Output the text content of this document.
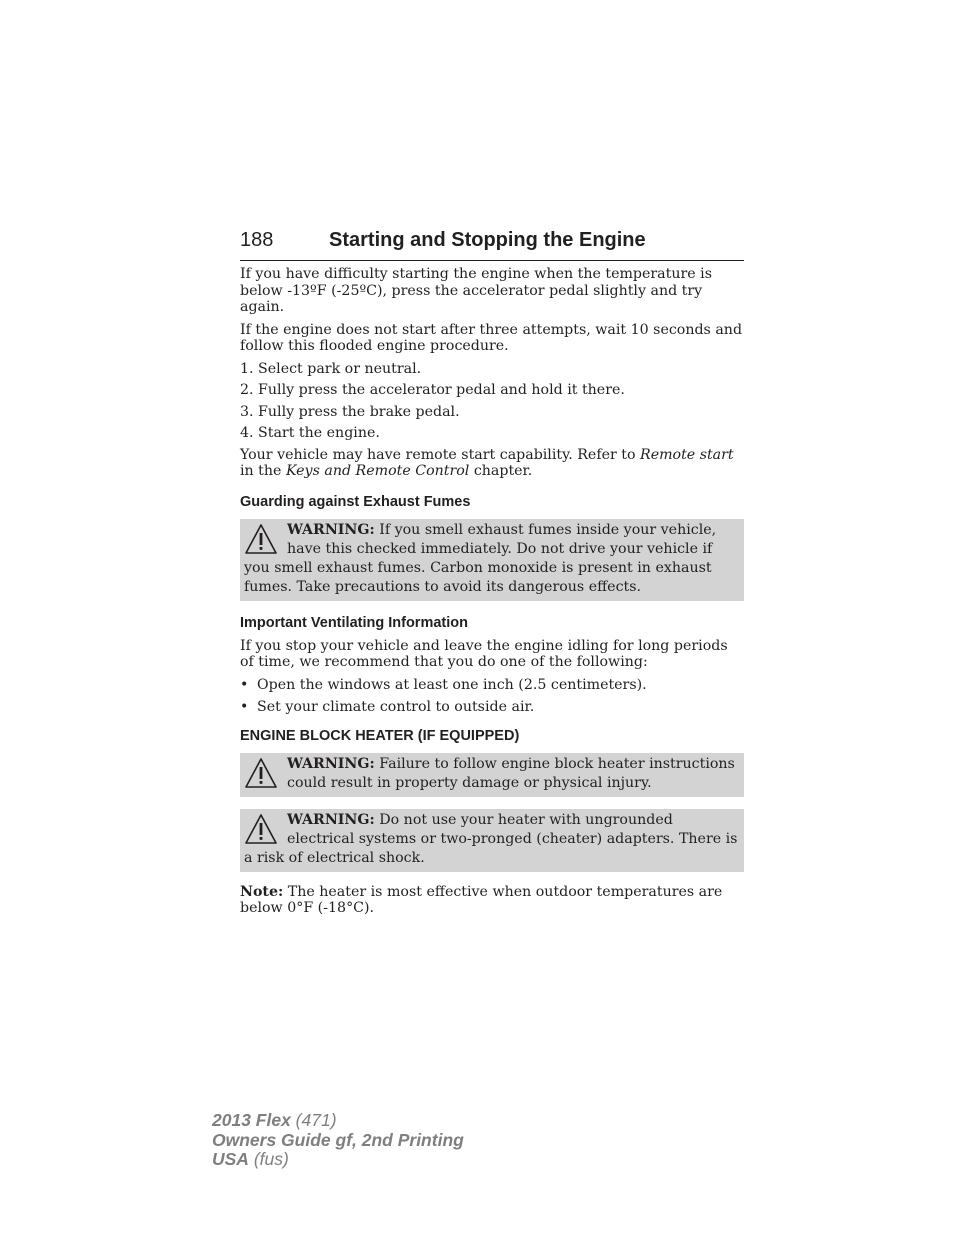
188	Starting and Stopping the Engine

If you have difficulty starting the engine when the temperature is below -13ºF (-25ºC), press the accelerator pedal slightly and try again.

If the engine does not start after three attempts, wait 10 seconds and follow this flooded engine procedure.

1. Select park or neutral.

2. Fully press the accelerator pedal and hold it there.

3. Fully press the brake pedal.

4. Start the engine.

Your vehicle may have remote start capability. Refer to Remote start in the Keys and Remote Control chapter.

Guarding against Exhaust Fumes
WARNING: If you smell exhaust fumes inside your vehicle, have this checked immediately. Do not drive your vehicle if you smell exhaust fumes. Carbon monoxide is present in exhaust fumes. Take precautions to avoid its dangerous effects.
Important Ventilating Information

If you stop your vehicle and leave the engine idling for long periods of time, we recommend that you do one of the following:

• Open the windows at least one inch (2.5 centimeters).
• Set your climate control to outside air.
ENGINE BLOCK HEATER (IF EQUIPPED)
WARNING: Failure to follow engine block heater instructions could result in property damage or physical injury.
WARNING: Do not use your heater with ungrounded electrical systems or two-pronged (cheater) adapters. There is a risk of electrical shock.

Note: The heater is most effective when outdoor temperatures are below 0°F (-18°C).

2013 Flex (471)
Owners Guide gf, 2nd Printing
USA (fus)
